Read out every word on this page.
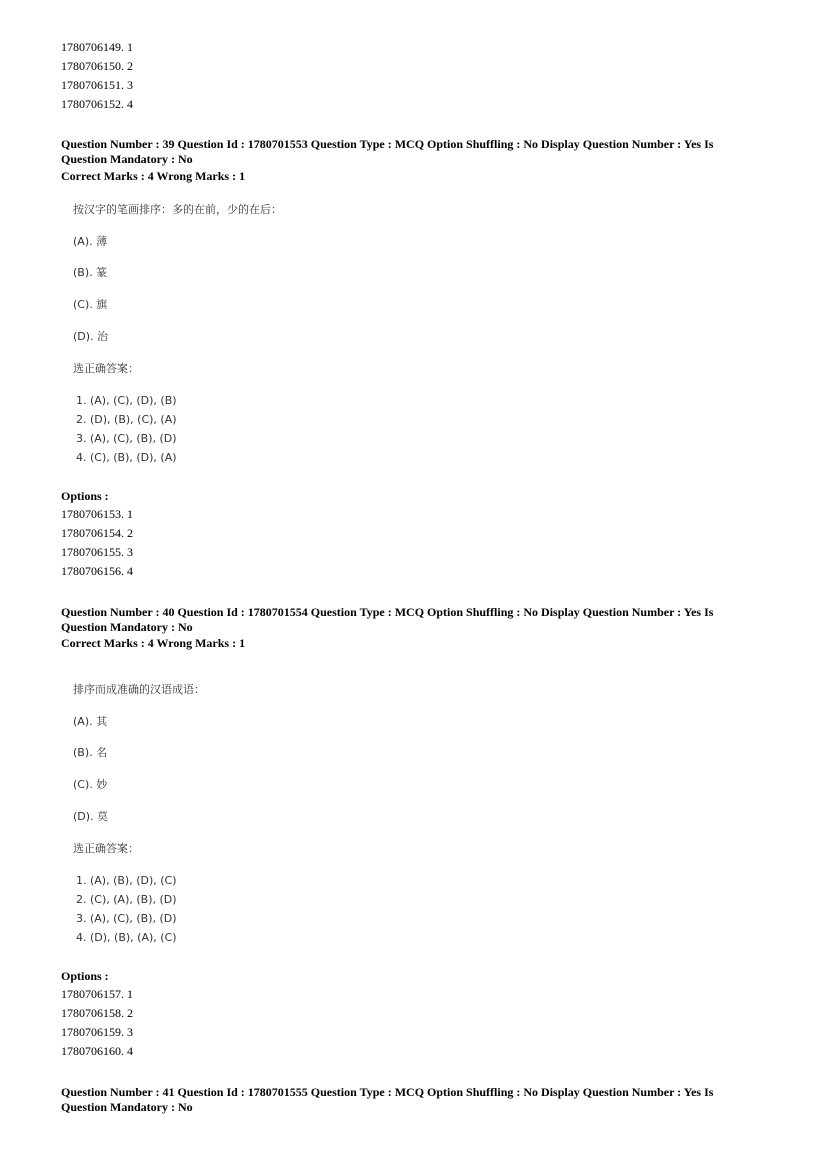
1780706149. 1
1780706150. 2
1780706151. 3
1780706152. 4
Question Number : 39 Question Id : 1780701553 Question Type : MCQ Option Shuffling : No Display Question Number : Yes Is Question Mandatory : No
Correct Marks : 4 Wrong Marks : 1
按汉字的笔画排序：多的在前，少的在后：
(A). 薄
(B). 篆
(C). 旗
(D). 治
选正确答案：
1. (A), (C), (D), (B)
2. (D), (B), (C), (A)
3. (A), (C), (B), (D)
4. (C), (B), (D), (A)
Options :
1780706153. 1
1780706154. 2
1780706155. 3
1780706156. 4
Question Number : 40 Question Id : 1780701554 Question Type : MCQ Option Shuffling : No Display Question Number : Yes Is Question Mandatory : No
Correct Marks : 4 Wrong Marks : 1
排序而成准确的汉语成语：
(A). 其
(B). 名
(C). 妙
(D). 莫
选正确答案：
1. (A), (B), (D), (C)
2. (C), (A), (B), (D)
3. (A), (C), (B), (D)
4. (D), (B), (A), (C)
Options :
1780706157. 1
1780706158. 2
1780706159. 3
1780706160. 4
Question Number : 41 Question Id : 1780701555 Question Type : MCQ Option Shuffling : No Display Question Number : Yes Is Question Mandatory : No
